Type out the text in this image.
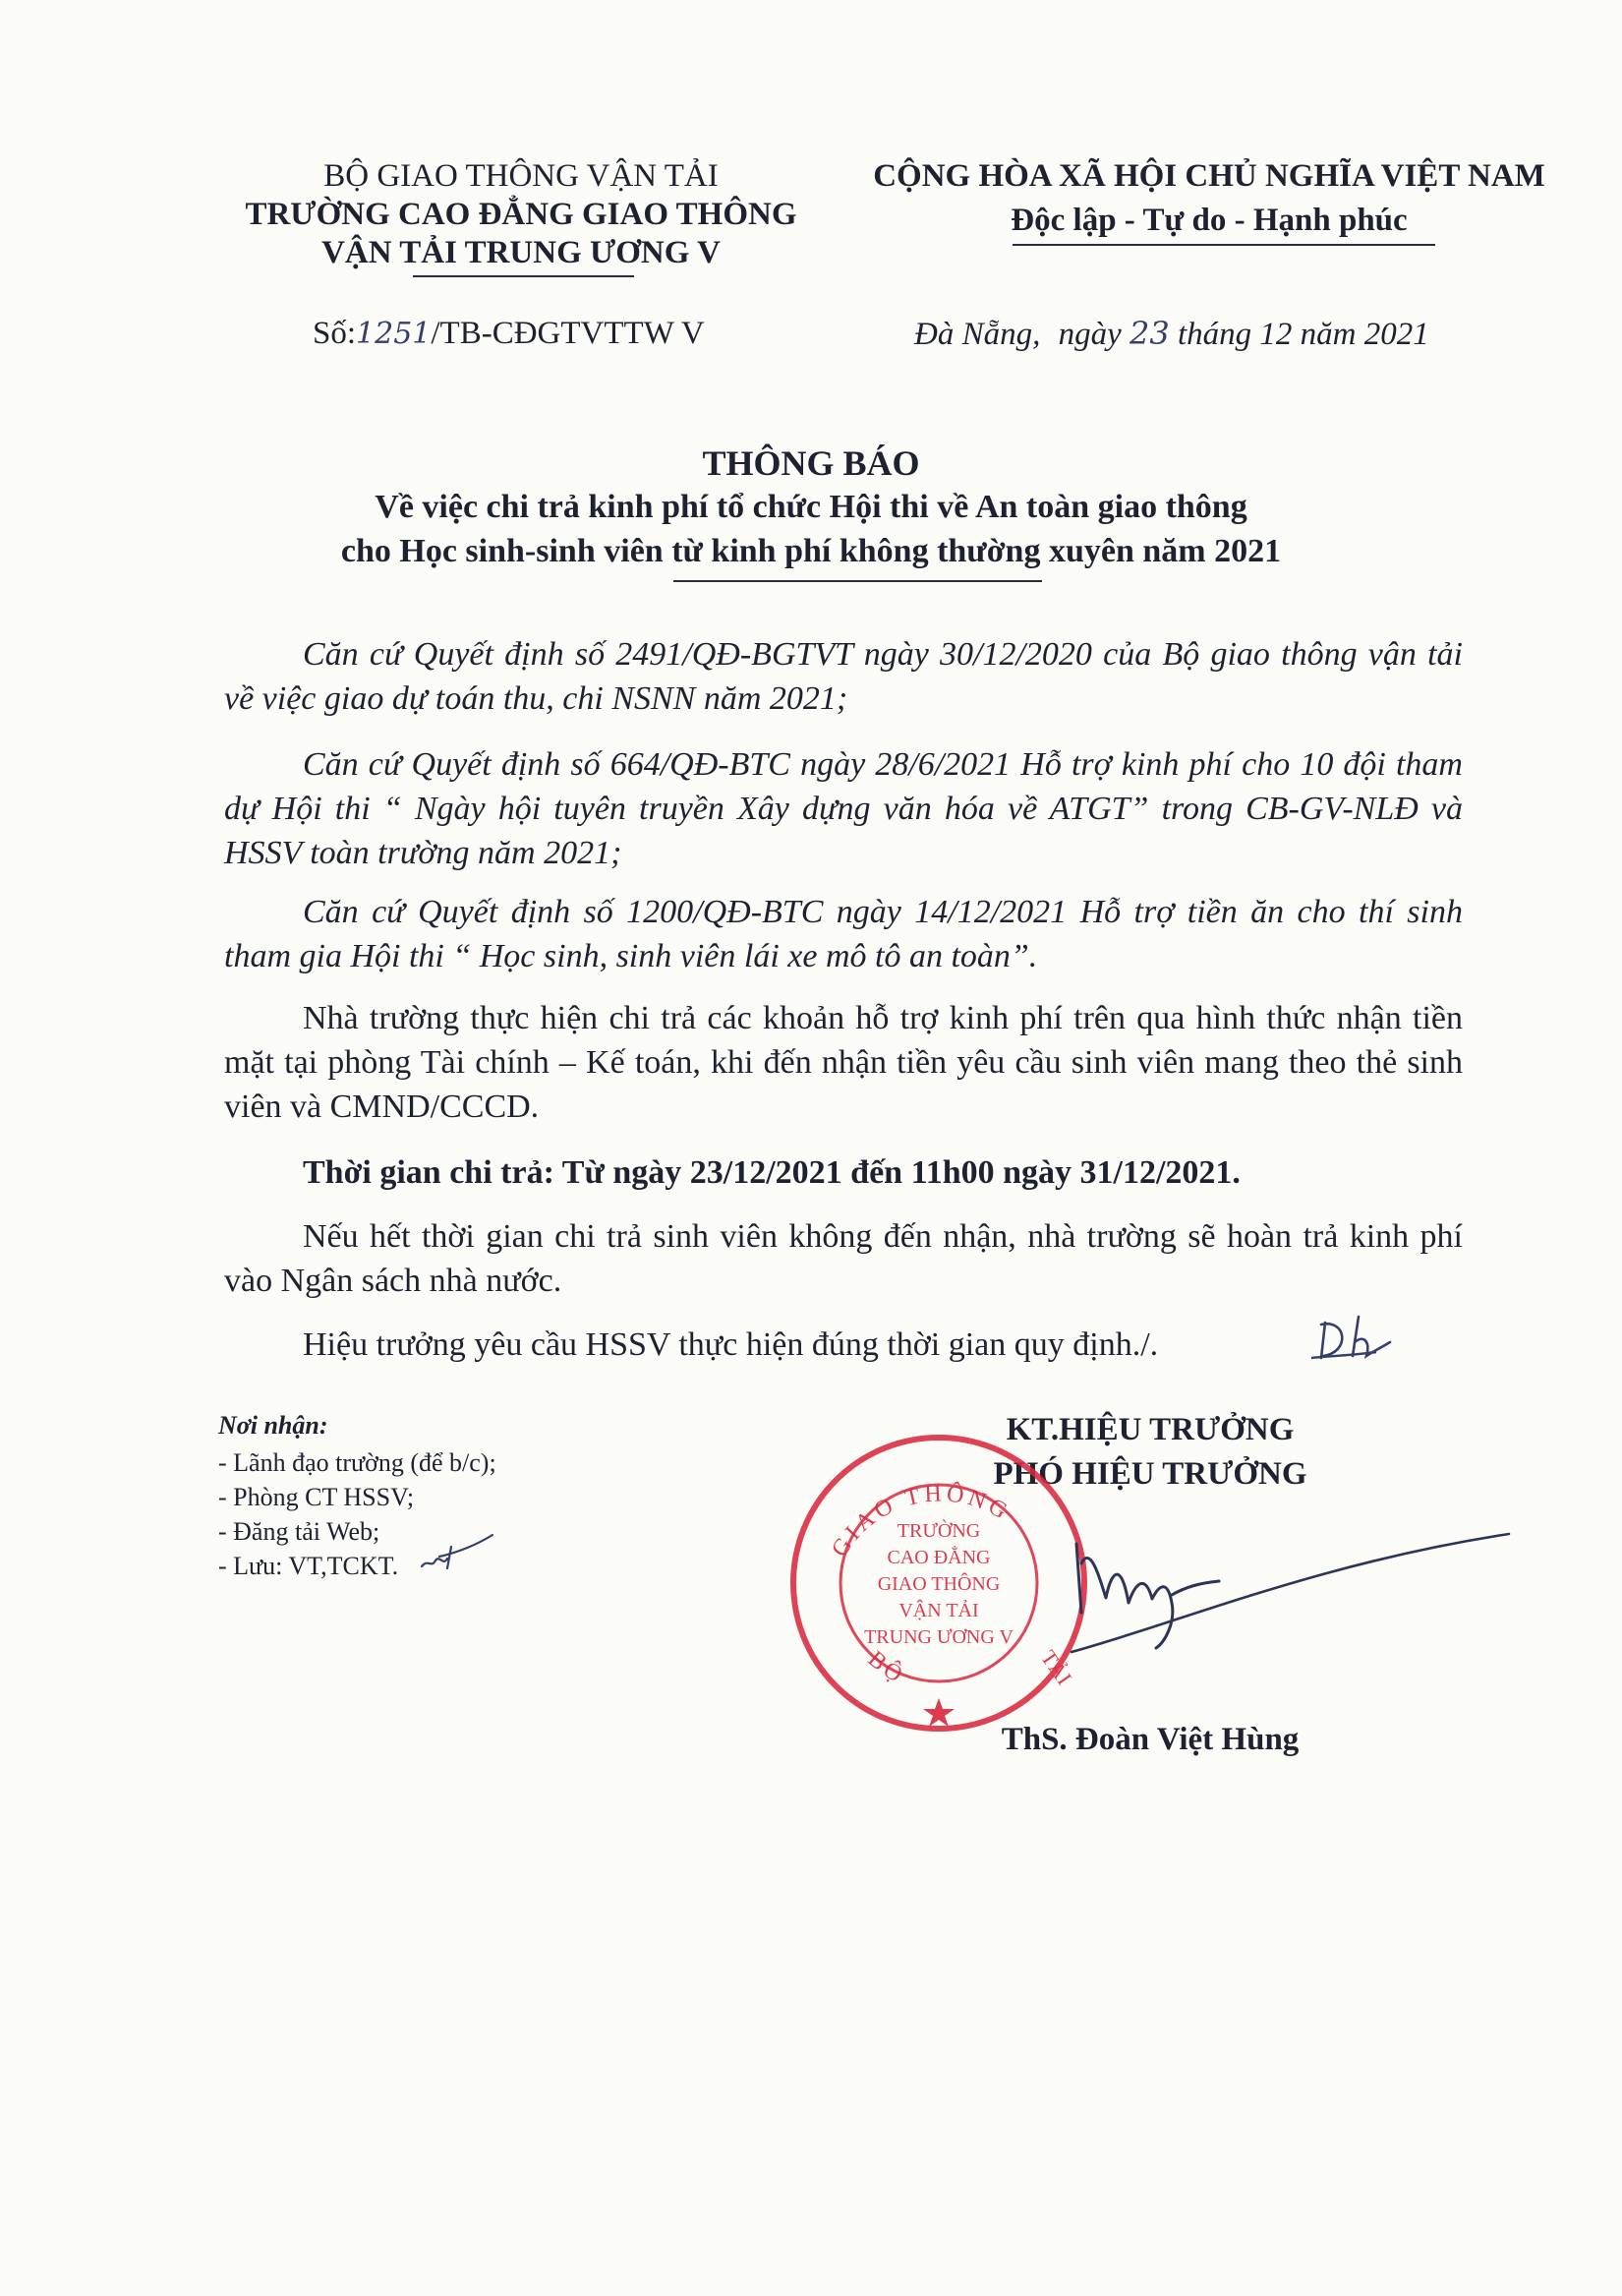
BỘ GIAO THÔNG VẬN TẢI
TRƯỜNG CAO ĐẲNG GIAO THÔNG
VẬN TẢI TRUNG ƯƠNG V
CỘNG HÒA XÃ HỘI CHỦ NGHĨA VIỆT NAM
Độc lập - Tự do - Hạnh phúc
Số:1251/TB-CĐGTVTTW V	Đà Nẵng, ngày 23 tháng 12 năm 2021
THÔNG BÁO
Về việc chi trả kinh phí tổ chức Hội thi về An toàn giao thông
cho Học sinh-sinh viên từ kinh phí không thường xuyên năm 2021
Căn cứ Quyết định số 2491/QĐ-BGTVT ngày 30/12/2020 của Bộ giao thông vận tải về việc giao dự toán thu, chi NSNN năm 2021;
Căn cứ Quyết định số 664/QĐ-BTC ngày 28/6/2021 Hỗ trợ kinh phí cho 10 đội tham dự Hội thi “ Ngày hội tuyên truyền Xây dựng văn hóa về ATGT” trong CB-GV-NLĐ và HSSV toàn trường năm 2021;
Căn cứ Quyết định số 1200/QĐ-BTC ngày 14/12/2021 Hỗ trợ tiền ăn cho thí sinh tham gia Hội thi “ Học sinh, sinh viên lái xe mô tô an toàn”.
Nhà trường thực hiện chi trả các khoản hỗ trợ kinh phí trên qua hình thức nhận tiền mặt tại phòng Tài chính – Kế toán, khi đến nhận tiền yêu cầu sinh viên mang theo thẻ sinh viên và CMND/CCCD.
Thời gian chi trả: Từ ngày 23/12/2021 đến 11h00 ngày 31/12/2021.
Nếu hết thời gian chi trả sinh viên không đến nhận, nhà trường sẽ hoàn trả kinh phí vào Ngân sách nhà nước.
Hiệu trưởng yêu cầu HSSV thực hiện đúng thời gian quy định./.
Nơi nhận:
- Lãnh đạo trường (để b/c);
- Phòng CT HSSV;
- Đăng tải Web;
- Lưu: VT,TCKT.
KT.HIỆU TRƯỞNG
PHÓ HIỆU TRƯỞNG
GIAO THÔNG
BỘ	TẢI
TRƯỜNG
CAO ĐẲNG
GIAO THÔNG
VẬN TẢI
TRUNG ƯƠNG V
ThS. Đoàn Việt Hùng
